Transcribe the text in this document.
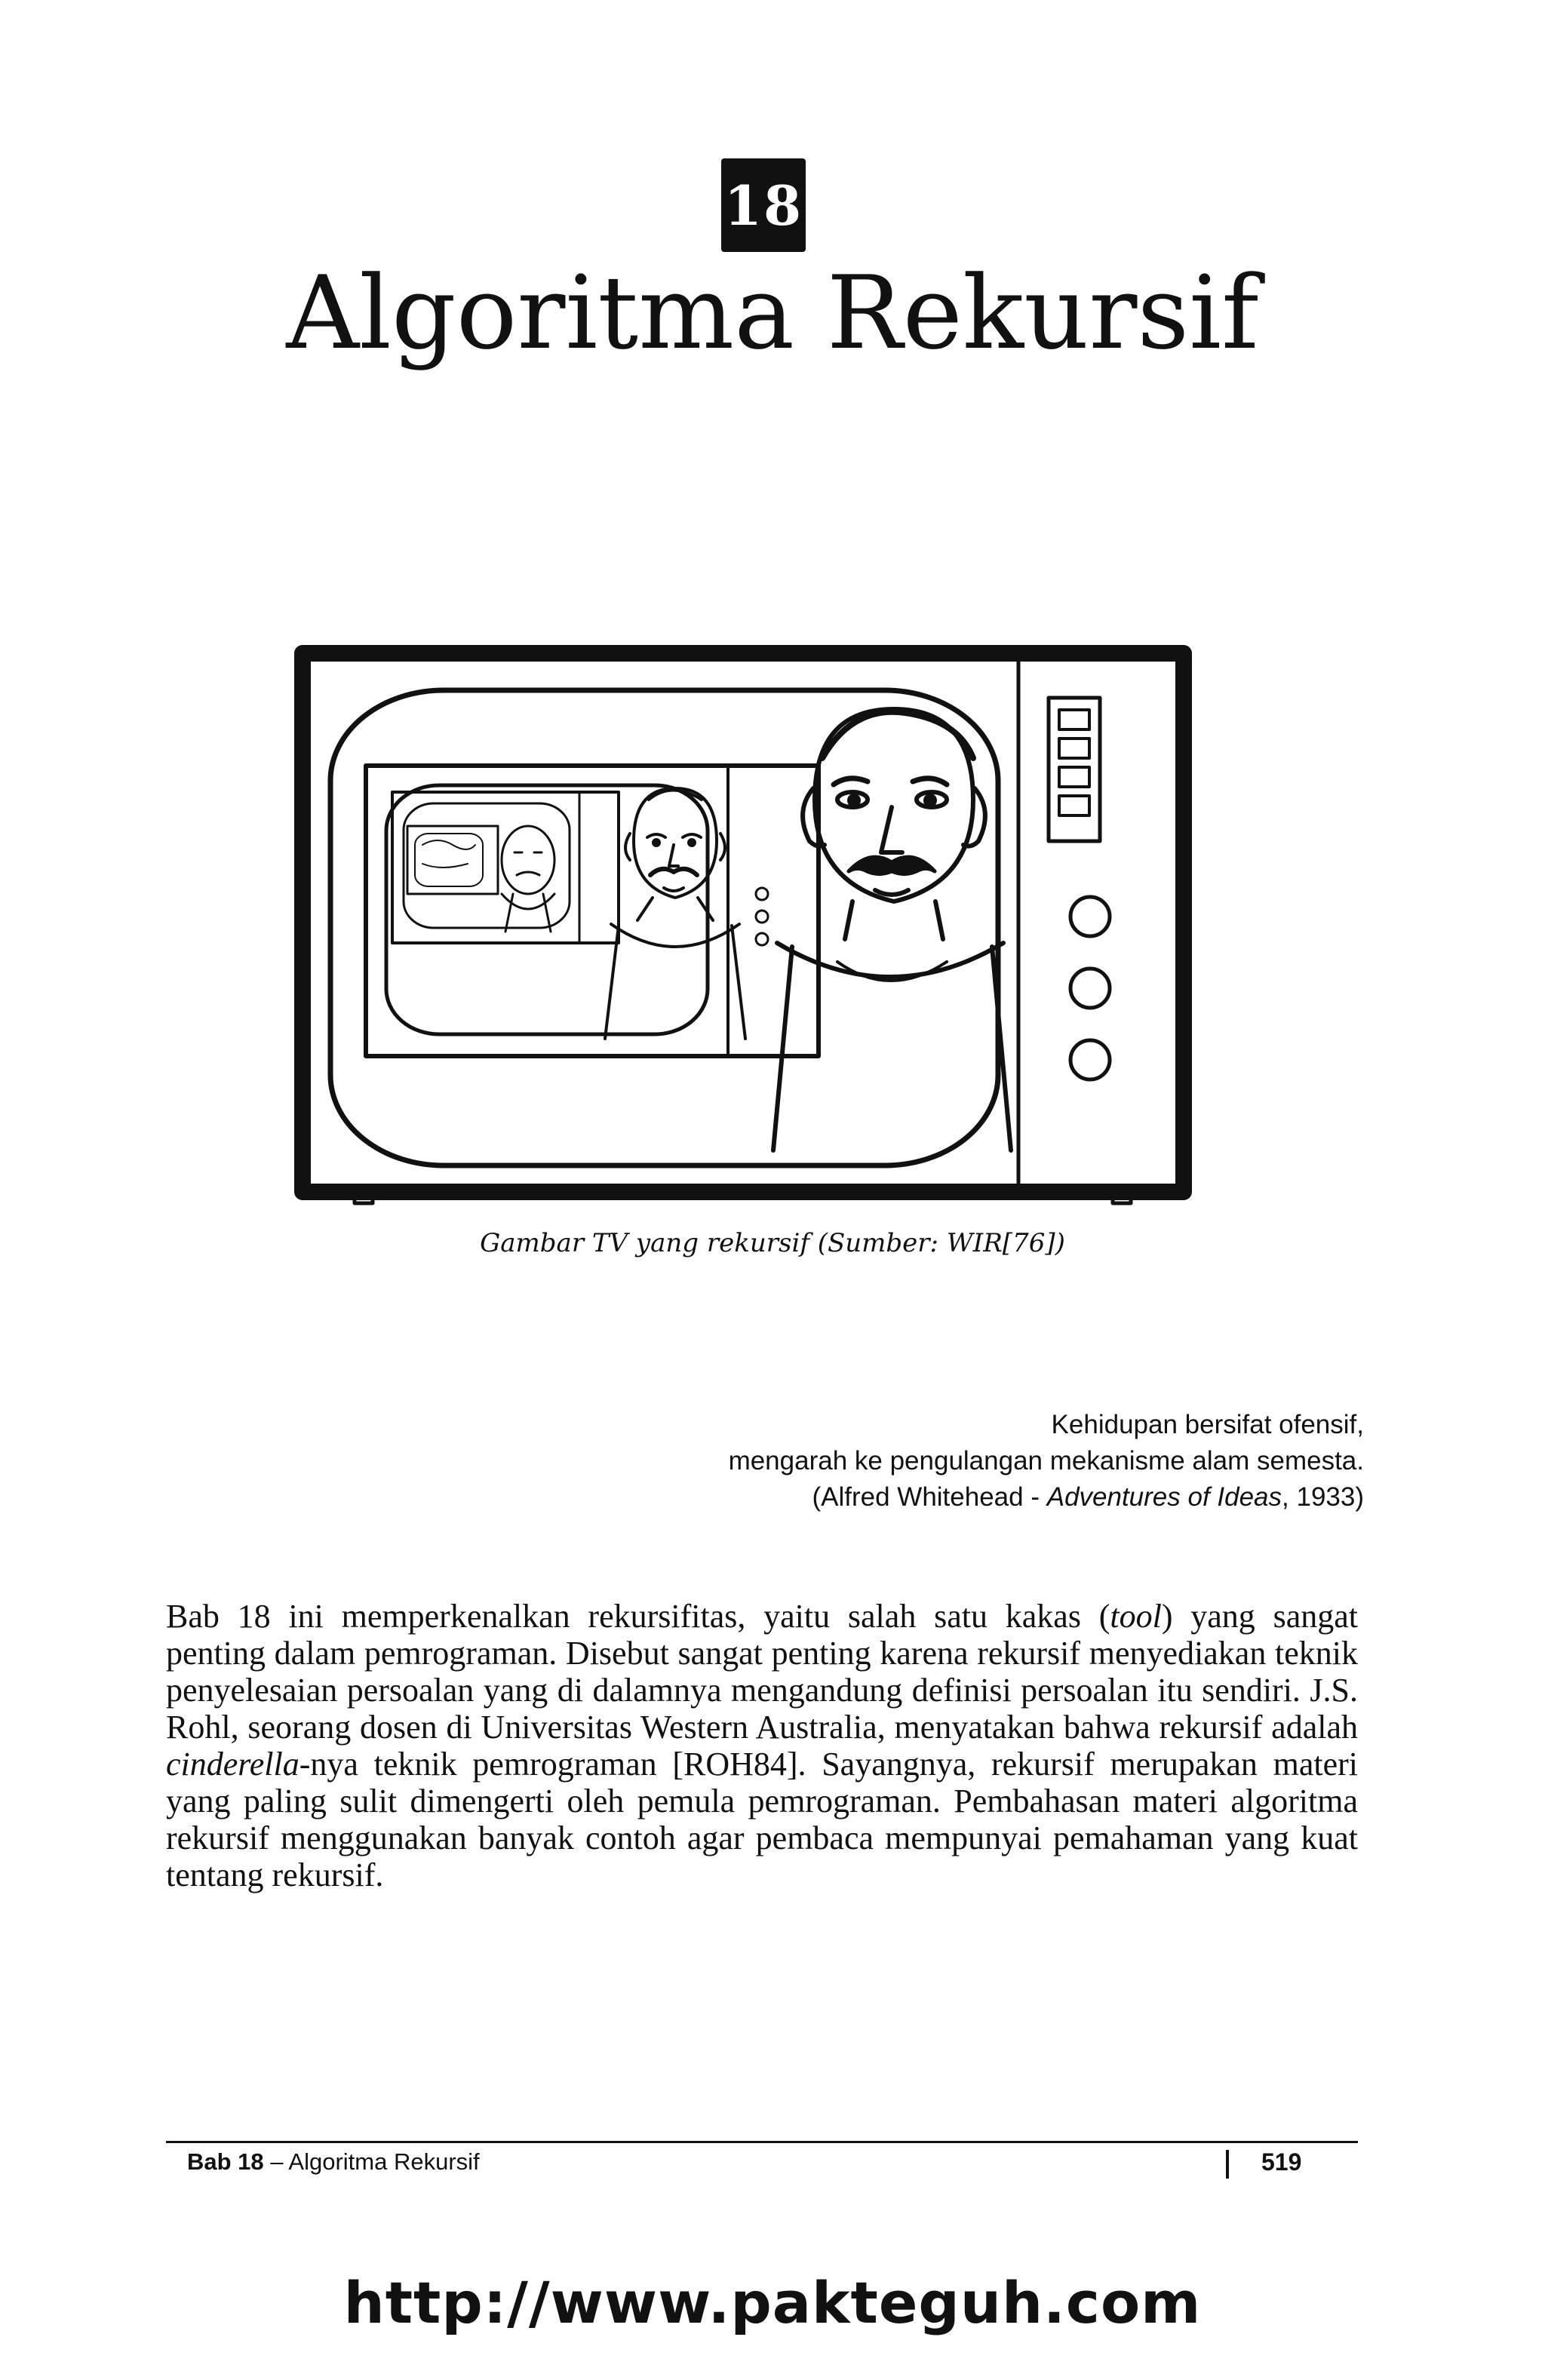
18
Algoritma Rekursif
Gambar TV yang rekursif (Sumber: WIR[76])
Kehidupan bersifat ofensif,
mengarah ke pengulangan mekanisme alam semesta.
(Alfred Whitehead - Adventures of Ideas, 1933)

Bab 18 ini memperkenalkan rekursifitas, yaitu salah satu kakas (tool) yang sangat penting dalam pemrograman. Disebut sangat penting karena rekursif menyediakan teknik penyelesaian persoalan yang di dalamnya mengandung definisi persoalan itu sendiri. J.S. Rohl, seorang dosen di Universitas Western Australia, menyatakan bahwa rekursif adalah cinderella-nya teknik pemrograman [ROH84]. Sayangnya, rekursif merupakan materi yang paling sulit dimengerti oleh pemula pemrograman. Pembahasan materi algoritma rekursif menggunakan banyak contoh agar pembaca mempunyai pemahaman yang kuat tentang rekursif.

Bab 18 – Algoritma Rekursif	519
http://www.pakteguh.com
